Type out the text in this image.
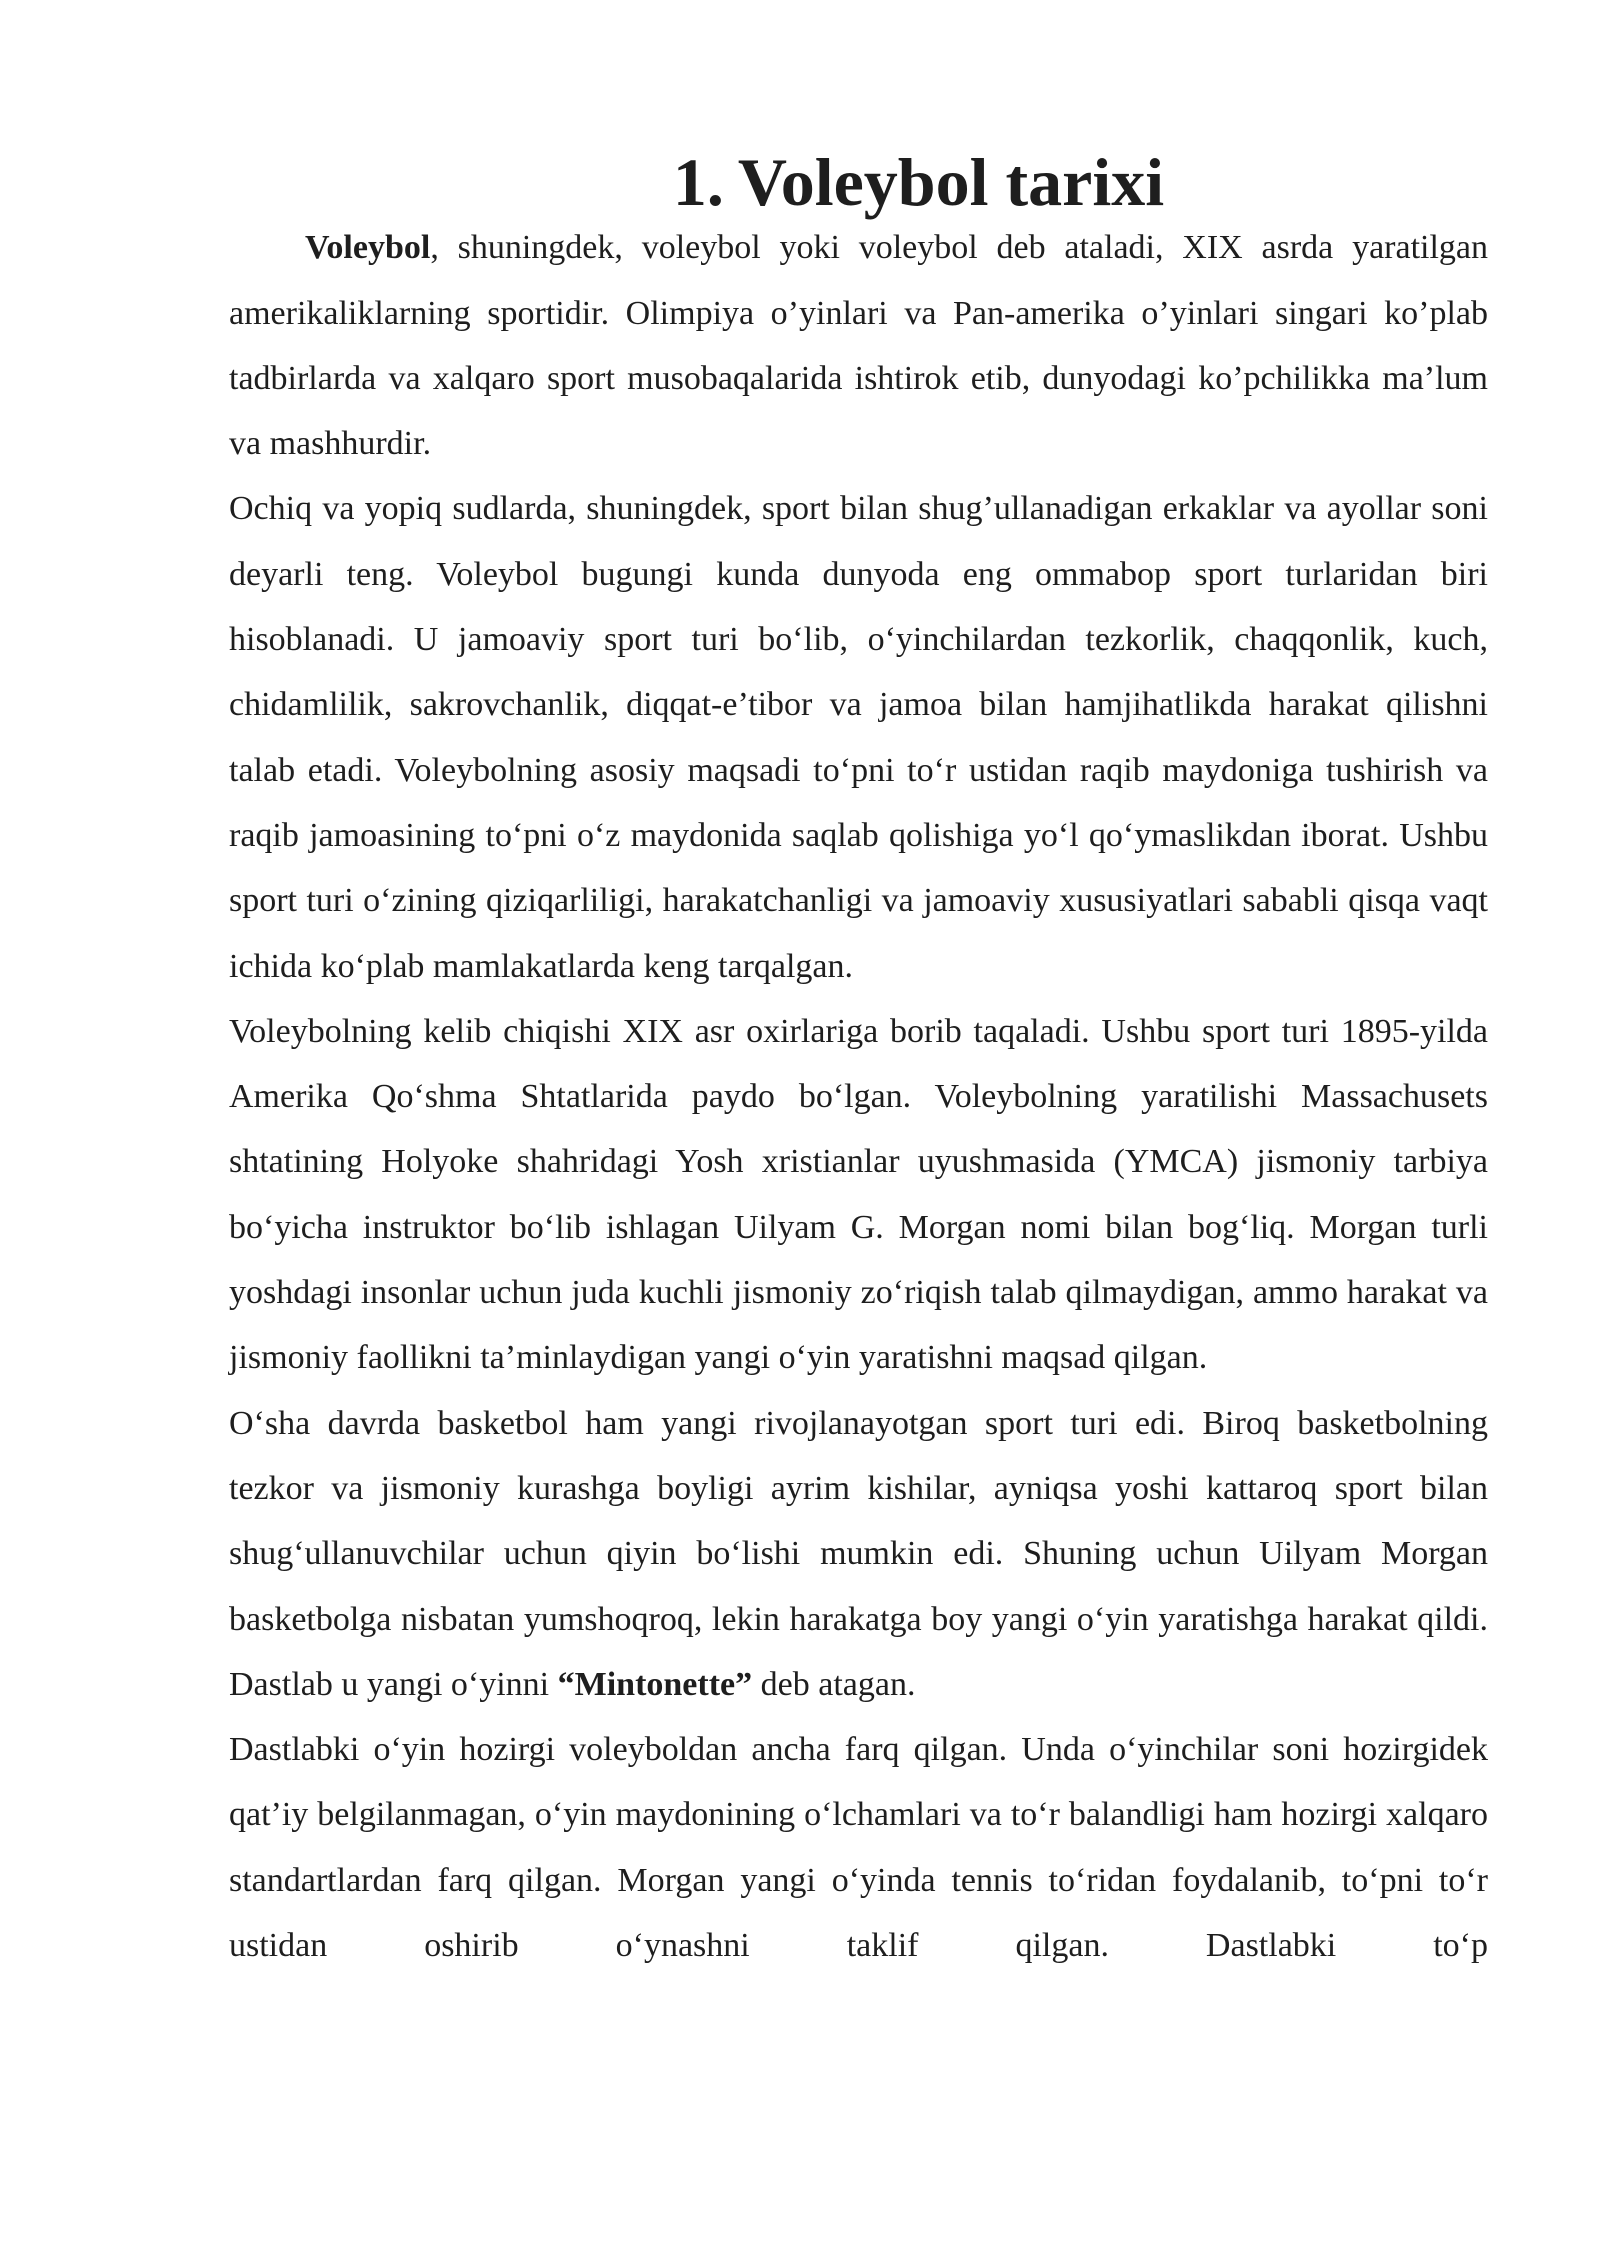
1. Voleybol tarixi

Voleybol, shuningdek, voleybol yoki voleybol deb ataladi, XIX asrda yaratilgan amerikaliklarning sportidir. Olimpiya o’yinlari va Pan-amerika o’yinlari singari ko’plab tadbirlarda va xalqaro sport musobaqalarida ishtirok etib, dunyodagi ko’pchilikka ma’lum va mashhurdir.

Ochiq va yopiq sudlarda, shuningdek, sport bilan shug’ullanadigan erkaklar va ayollar soni deyarli teng. Voleybol bugungi kunda dunyoda eng ommabop sport turlaridan biri hisoblanadi. U jamoaviy sport turi bo‘lib, o‘yinchilardan tezkorlik, chaqqonlik, kuch, chidamlilik, sakrovchanlik, diqqat-e’tibor va jamoa bilan hamjihatlikda harakat qilishni talab etadi. Voleybolning asosiy maqsadi to‘pni to‘r ustidan raqib maydoniga tushirish va raqib jamoasining to‘pni o‘z maydonida saqlab qolishiga yo‘l qo‘ymaslikdan iborat. Ushbu sport turi o‘zining qiziqarliligi, harakatchanligi va jamoaviy xususiyatlari sababli qisqa vaqt ichida ko‘plab mamlakatlarda keng tarqalgan.

Voleybolning kelib chiqishi XIX asr oxirlariga borib taqaladi. Ushbu sport turi 1895-yilda Amerika Qo‘shma Shtatlarida paydo bo‘lgan. Voleybolning yaratilishi Massachusets shtatining Holyoke shahridagi Yosh xristianlar uyushmasida (YMCA) jismoniy tarbiya bo‘yicha instruktor bo‘lib ishlagan Uilyam G. Morgan nomi bilan bog‘liq. Morgan turli yoshdagi insonlar uchun juda kuchli jismoniy zo‘riqish talab qilmaydigan, ammo harakat va jismoniy faollikni ta’minlaydigan yangi o‘yin yaratishni maqsad qilgan.

O‘sha davrda basketbol ham yangi rivojlanayotgan sport turi edi. Biroq basketbolning tezkor va jismoniy kurashga boyligi ayrim kishilar, ayniqsa yoshi kattaroq sport bilan shug‘ullanuvchilar uchun qiyin bo‘lishi mumkin edi. Shuning uchun Uilyam Morgan basketbolga nisbatan yumshoqroq, lekin harakatga boy yangi o‘yin yaratishga harakat qildi. Dastlab u yangi o‘yinni “Mintonette” deb atagan.

Dastlabki o‘yin hozirgi voleyboldan ancha farq qilgan. Unda o‘yinchilar soni hozirgidek qat’iy belgilanmagan, o‘yin maydonining o‘lchamlari va to‘r balandligi ham hozirgi xalqaro standartlardan farq qilgan. Morgan yangi o‘yinda tennis to‘ridan foydalanib, to‘pni to‘r ustidan oshirib o‘ynashni taklif qilgan. Dastlabki to‘p
